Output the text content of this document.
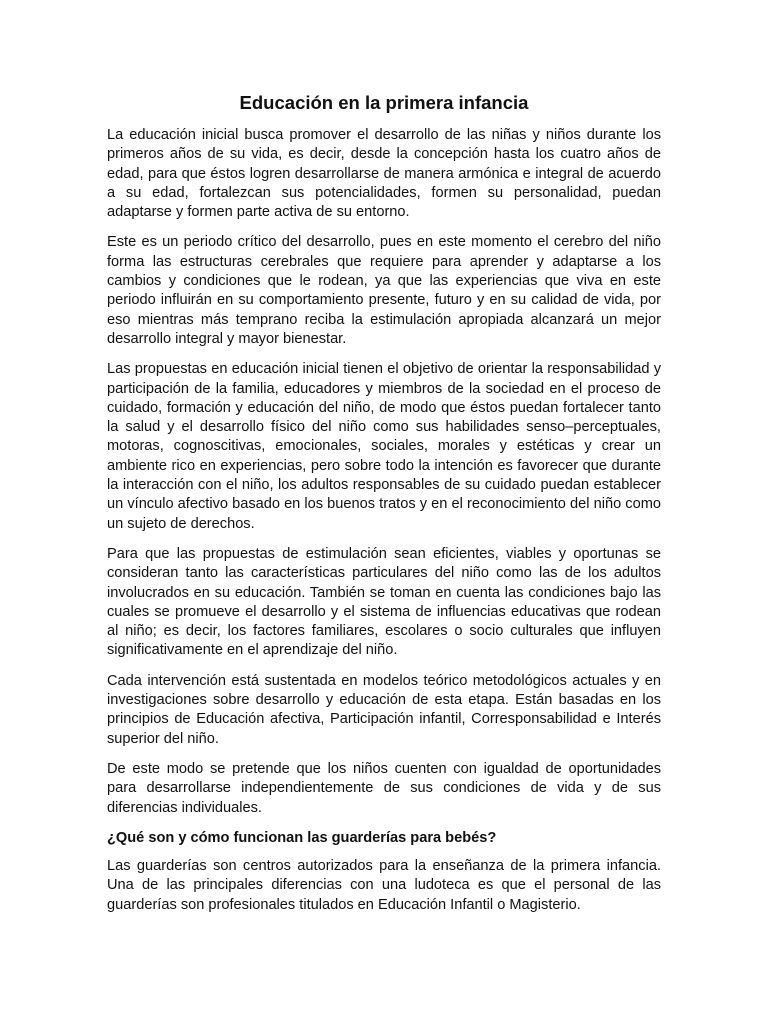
Educación en la primera infancia

La educación inicial busca promover el desarrollo de las niñas y niños durante los primeros años de su vida, es decir, desde la concepción hasta los cuatro años de edad, para que éstos logren desarrollarse de manera armónica e integral de acuerdo a su edad, fortalezcan sus potencialidades, formen su personalidad, puedan adaptarse y formen parte activa de su entorno.

Este es un periodo crítico del desarrollo, pues en este momento el cerebro del niño forma las estructuras cerebrales que requiere para aprender y adaptarse a los cambios y condiciones que le rodean, ya que las experiencias que viva en este periodo influirán en su comportamiento presente, futuro y en su calidad de vida, por eso mientras más temprano reciba la estimulación apropiada alcanzará un mejor desarrollo integral y mayor bienestar.

Las propuestas en educación inicial tienen el objetivo de orientar la responsabilidad y participación de la familia, educadores y miembros de la sociedad en el proceso de cuidado, formación y educación del niño, de modo que éstos puedan fortalecer tanto la salud y el desarrollo físico del niño como sus habilidades senso–perceptuales, motoras, cognoscitivas, emocionales, sociales, morales y estéticas y crear un ambiente rico en experiencias, pero sobre todo la intención es favorecer que durante la interacción con el niño, los adultos responsables de su cuidado puedan establecer un vínculo afectivo basado en los buenos tratos y en el reconocimiento del niño como un sujeto de derechos.

Para que las propuestas de estimulación sean eficientes, viables y oportunas se consideran tanto las características particulares del niño como las de los adultos involucrados en su educación. También se toman en cuenta las condiciones bajo las cuales se promueve el desarrollo y el sistema de influencias educativas que rodean al niño; es decir, los factores familiares, escolares o socio culturales que influyen significativamente en el aprendizaje del niño.

Cada intervención está sustentada en modelos teórico metodológicos actuales y en investigaciones sobre desarrollo y educación de esta etapa. Están basadas en los principios de Educación afectiva, Participación infantil, Corresponsabilidad e Interés superior del niño.

De este modo se pretende que los niños cuenten con igualdad de oportunidades para desarrollarse independientemente de sus condiciones de vida y de sus diferencias individuales.

¿Qué son y cómo funcionan las guarderías para bebés?

Las guarderías son centros autorizados para la enseñanza de la primera infancia. Una de las principales diferencias con una ludoteca es que el personal de las guarderías son profesionales titulados en Educación Infantil o Magisterio.
